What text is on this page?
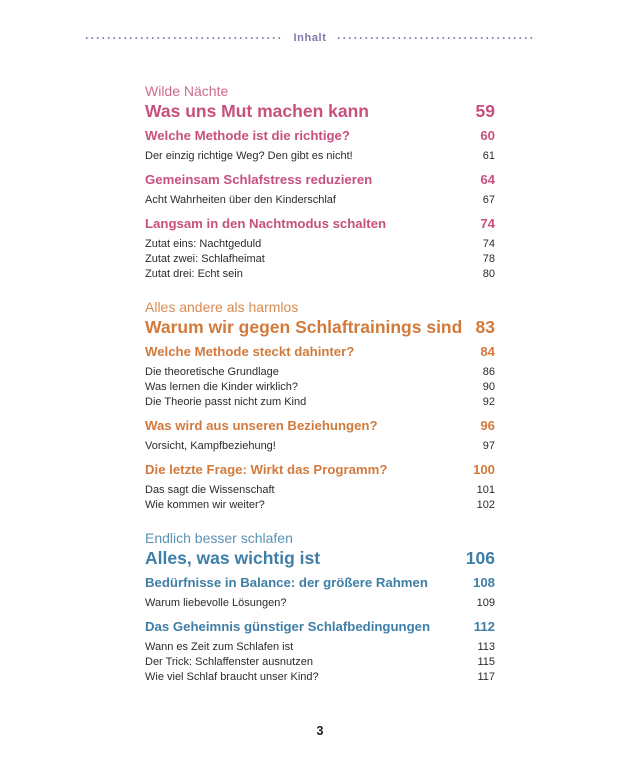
Inhalt
Wilde Nächte
Was uns Mut machen kann	59
Welche Methode ist die richtige?	60
Der einzig richtige Weg? Den gibt es nicht!	61
Gemeinsam Schlafstress reduzieren	64
Acht Wahrheiten über den Kinderschlaf	67
Langsam in den Nachtmodus schalten	74
Zutat eins: Nachtgeduld	74
Zutat zwei: Schlafheimat	78
Zutat drei: Echt sein	80
Alles andere als harmlos
Warum wir gegen Schlaftrainings sind 83
Welche Methode steckt dahinter?	84
Die theoretische Grundlage	86
Was lernen die Kinder wirklich?	90
Die Theorie passt nicht zum Kind	92
Was wird aus unseren Beziehungen?	96
Vorsicht, Kampfbeziehung!	97
Die letzte Frage: Wirkt das Programm?	100
Das sagt die Wissenschaft	101
Wie kommen wir weiter?	102
Endlich besser schlafen
Alles, was wichtig ist	106
Bedürfnisse in Balance: der größere Rahmen	108
Warum liebevolle Lösungen?	109
Das Geheimnis günstiger Schlafbedingungen	112
Wann es Zeit zum Schlafen ist	113
Der Trick: Schlaffenster ausnutzen	115
Wie viel Schlaf braucht unser Kind?	117
3
